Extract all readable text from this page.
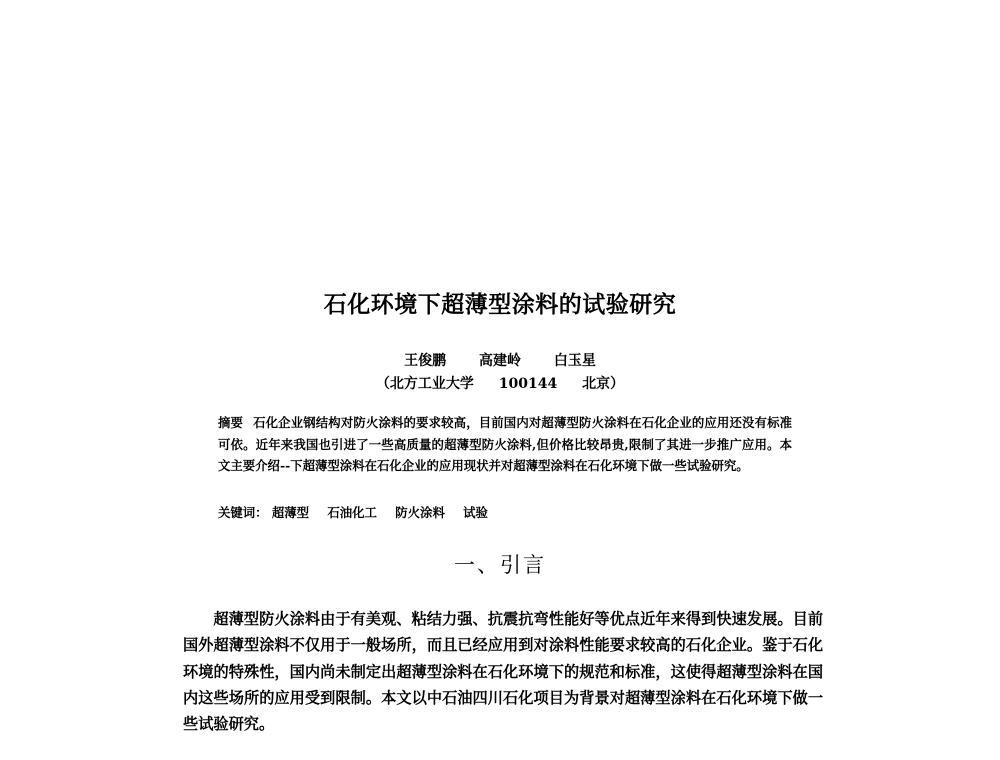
石化环境下超薄型涂料的试验研究
王俊鹏 高建岭 白玉星
（北方工业大学 100144 北京）
摘要 石化企业钢结构对防火涂料的要求较高，目前国内对超薄型防火涂料在石化企业的应用还没有标准可依。近年来我国也引进了一些高质量的超薄型防火涂料,但价格比较昂贵,限制了其进一步推广应用。本文主要介绍--下超薄型涂料在石化企业的应用现状并对超薄型涂料在石化环境下做一些试验研究。
关键词： 超薄型 石油化工 防火涂料 试验
一、引言
超薄型防火涂料由于有美观、粘结力强、抗震抗弯性能好等优点近年来得到快速发展。目前国外超薄型涂料不仅用于一般场所，而且已经应用到对涂料性能要求较高的石化企业。鉴于石化环境的特殊性，国内尚未制定出超薄型涂料在石化环境下的规范和标准，这使得超薄型涂料在国内这些场所的应用受到限制。本文以中石油四川石化项目为背景对超薄型涂料在石化环境下做一些试验研究。
